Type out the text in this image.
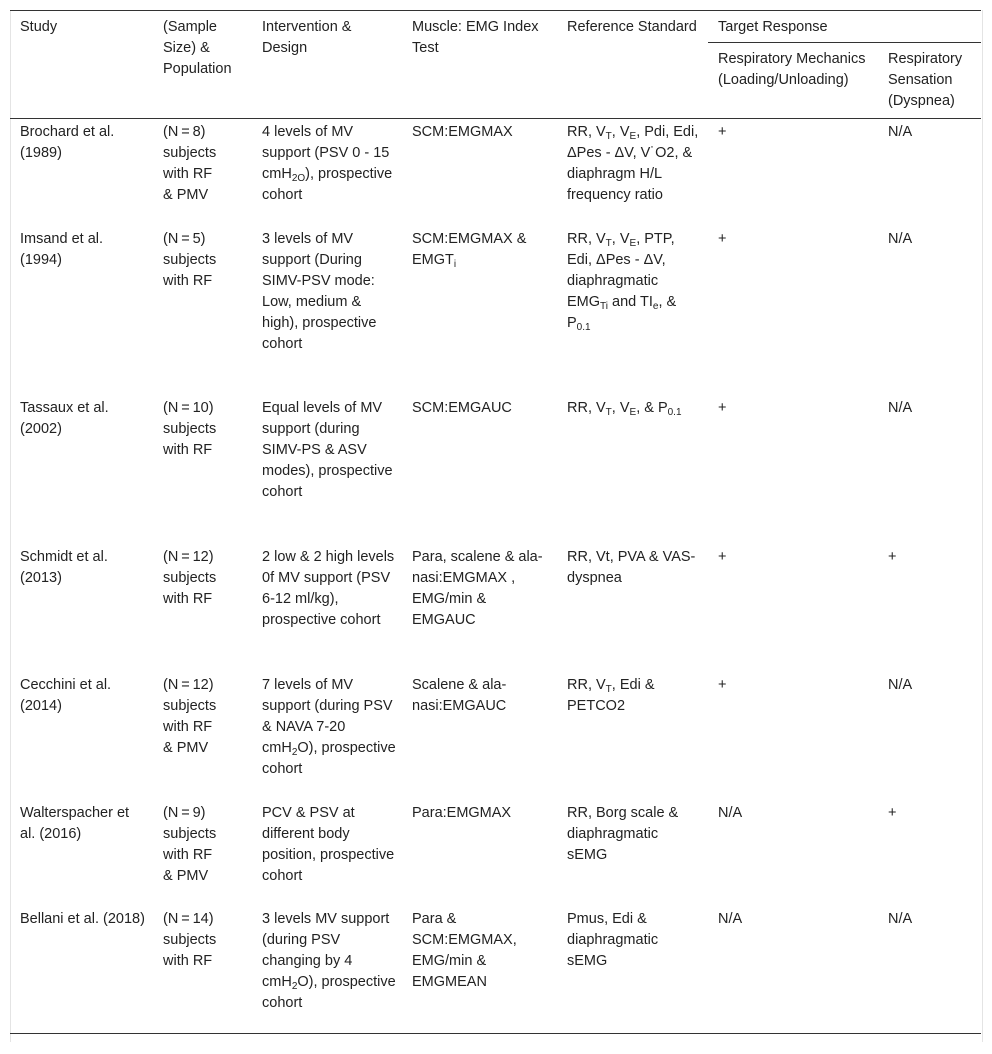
Study	(Sample Size) & Population	Intervention & Design	Muscle: EMG Index Test	Reference Standard	Target Response	
					Respiratory Mechanics (Loading/Unloading)	Respiratory Sensation (Dyspnea)
Brochard et al. (1989)	(N = 8)
subjects
with RF
& PMV	4 levels of MV support (PSV 0 - 15 cmH$_{2O}$), prospective cohort	SCM:EMGMAX	RR, $V_T$, $V_E$, Pdi, Edi, ΔPes - ΔV, V˙O2, & diaphragm H/L frequency ratio	+	N/A
Imsand et al. (1994)	(N = 5)
subjects
with RF	3 levels of MV support (During SIMV-PSV mode: Low, medium & high), prospective cohort	SCM:EMGMAX & $EMGT_i$	RR, $V_T$, $V_E$, PTP, Edi, ΔPes - ΔV, diaphragmatic $EMG_{Ti}$ and $TI_e$, & $P_{0.1}$	+	N/A
Tassaux et al. (2002)	(N = 10)
subjects
with RF	Equal levels of MV support (during SIMV-PS & ASV modes), prospective cohort	SCM:EMGAUC	RR, $V_T$, $V_E$, & $P_{0.1}$	+	N/A
Schmidt et al. (2013)	(N = 12)
subjects
with RF	2 low & 2 high levels 0f MV support (PSV 6-12 ml/kg), prospective cohort	Para, scalene & ala-nasi:EMGMAX , EMG/min & EMGAUC	RR, Vt, PVA & VAS-dyspnea	+	+
Cecchini et al. (2014)	(N = 12)
subjects
with RF
& PMV	7 levels of MV support (during PSV & NAVA 7-20 cmH$_2$O), prospective cohort	Scalene & ala-nasi:EMGAUC	RR, $V_T$, Edi & PETCO2	+	N/A
Walterspacher et al. (2016)	(N = 9)
subjects
with RF
& PMV	PCV & PSV at different body position, prospective cohort	Para:EMGMAX	RR, Borg scale & diaphragmatic sEMG	N/A	+
Bellani et al. (2018)	(N = 14)
subjects
with RF	3 levels MV support (during PSV changing by 4 cmH$_2$O), prospective cohort	Para & SCM:EMGMAX, EMG/min & EMGMEAN	Pmus, Edi & diaphragmatic sEMG	N/A	N/A
